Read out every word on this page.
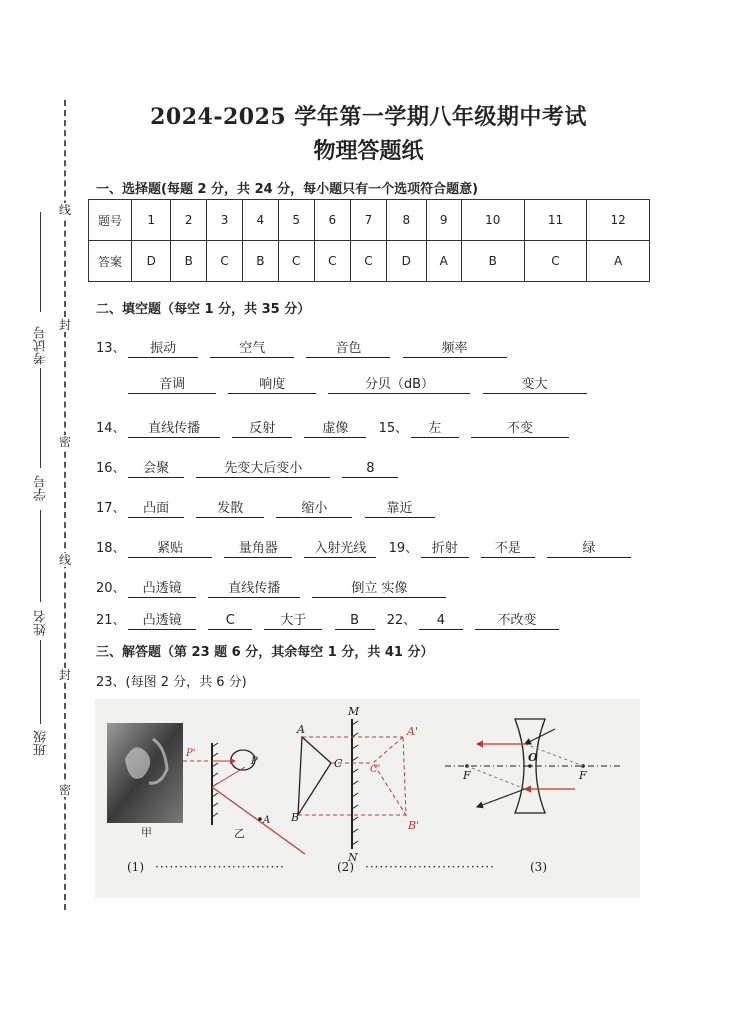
线
封
密
线
封
密
考试号
学号
姓名
班级
2024-2025 学年第一学期八年级期中考试
物理答题纸
一、选择题(每题 2 分，共 24 分，每小题只有一个选项符合题意)
题号	1	2	3	4	5	6	7	8	9	10	11	12
答案	D	B	C	B	C	C	C	D	A	B	C	A
二、填空题（每空 1 分，共 35 分）
13、 振动	空气	音色	频率
音调	响度	分贝（dB）	变大
14、 直线传播	反射	虚像 15、 左	不变
16、 会聚	先变大后变小	8
17、 凸面	发散	缩小	靠近
18、 紧贴	量角器	入射光线 19、 折射	不是	绿
20、 凸透镜	直线传播	倒立 实像
21、 凸透镜	C	大于	B 22、 4	不改变
三、解答题（第 23 题 6 分，其余每空 1 分，共 41 分）
23、(每图 2 分，共 6 分)
甲
P
P'
A
乙
M
N
A
C
B
A'
C'
B'
O
F	F
(1) ···························	(2) ···························	(3)
